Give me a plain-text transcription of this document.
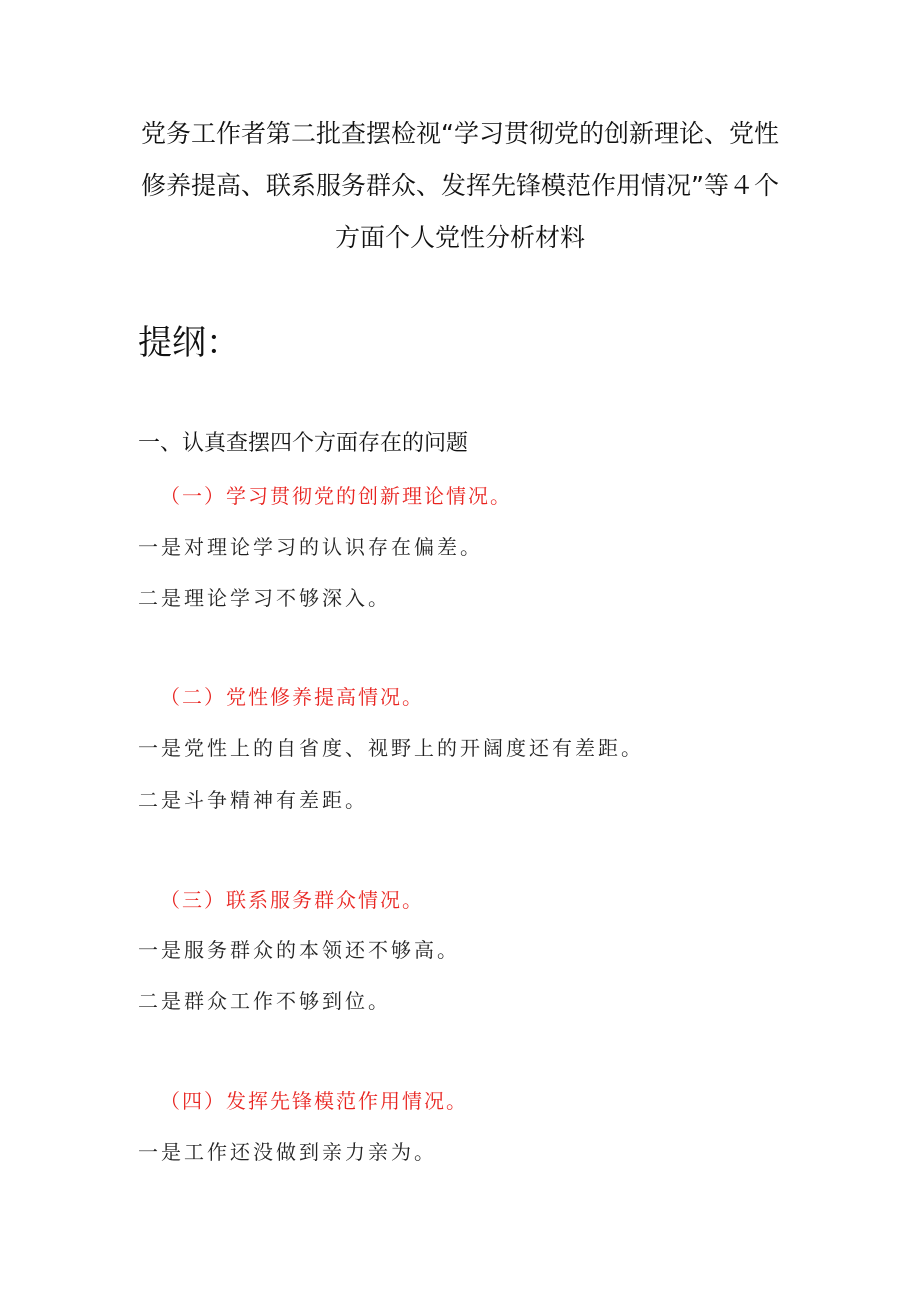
党务工作者第二批查摆检视“学习贯彻党的创新理论、党性
修养提高、联系服务群众、发挥先锋模范作用情况”等４个
方面个人党性分析材料
提纲：
一、认真查摆四个方面存在的问题
（一）学习贯彻党的创新理论情况。
一是对理论学习的认识存在偏差。
二是理论学习不够深入。
（二）党性修养提高情况。
一是党性上的自省度、视野上的开阔度还有差距。
二是斗争精神有差距。
（三）联系服务群众情况。
一是服务群众的本领还不够高。
二是群众工作不够到位。
（四）发挥先锋模范作用情况。
一是工作还没做到亲力亲为。
